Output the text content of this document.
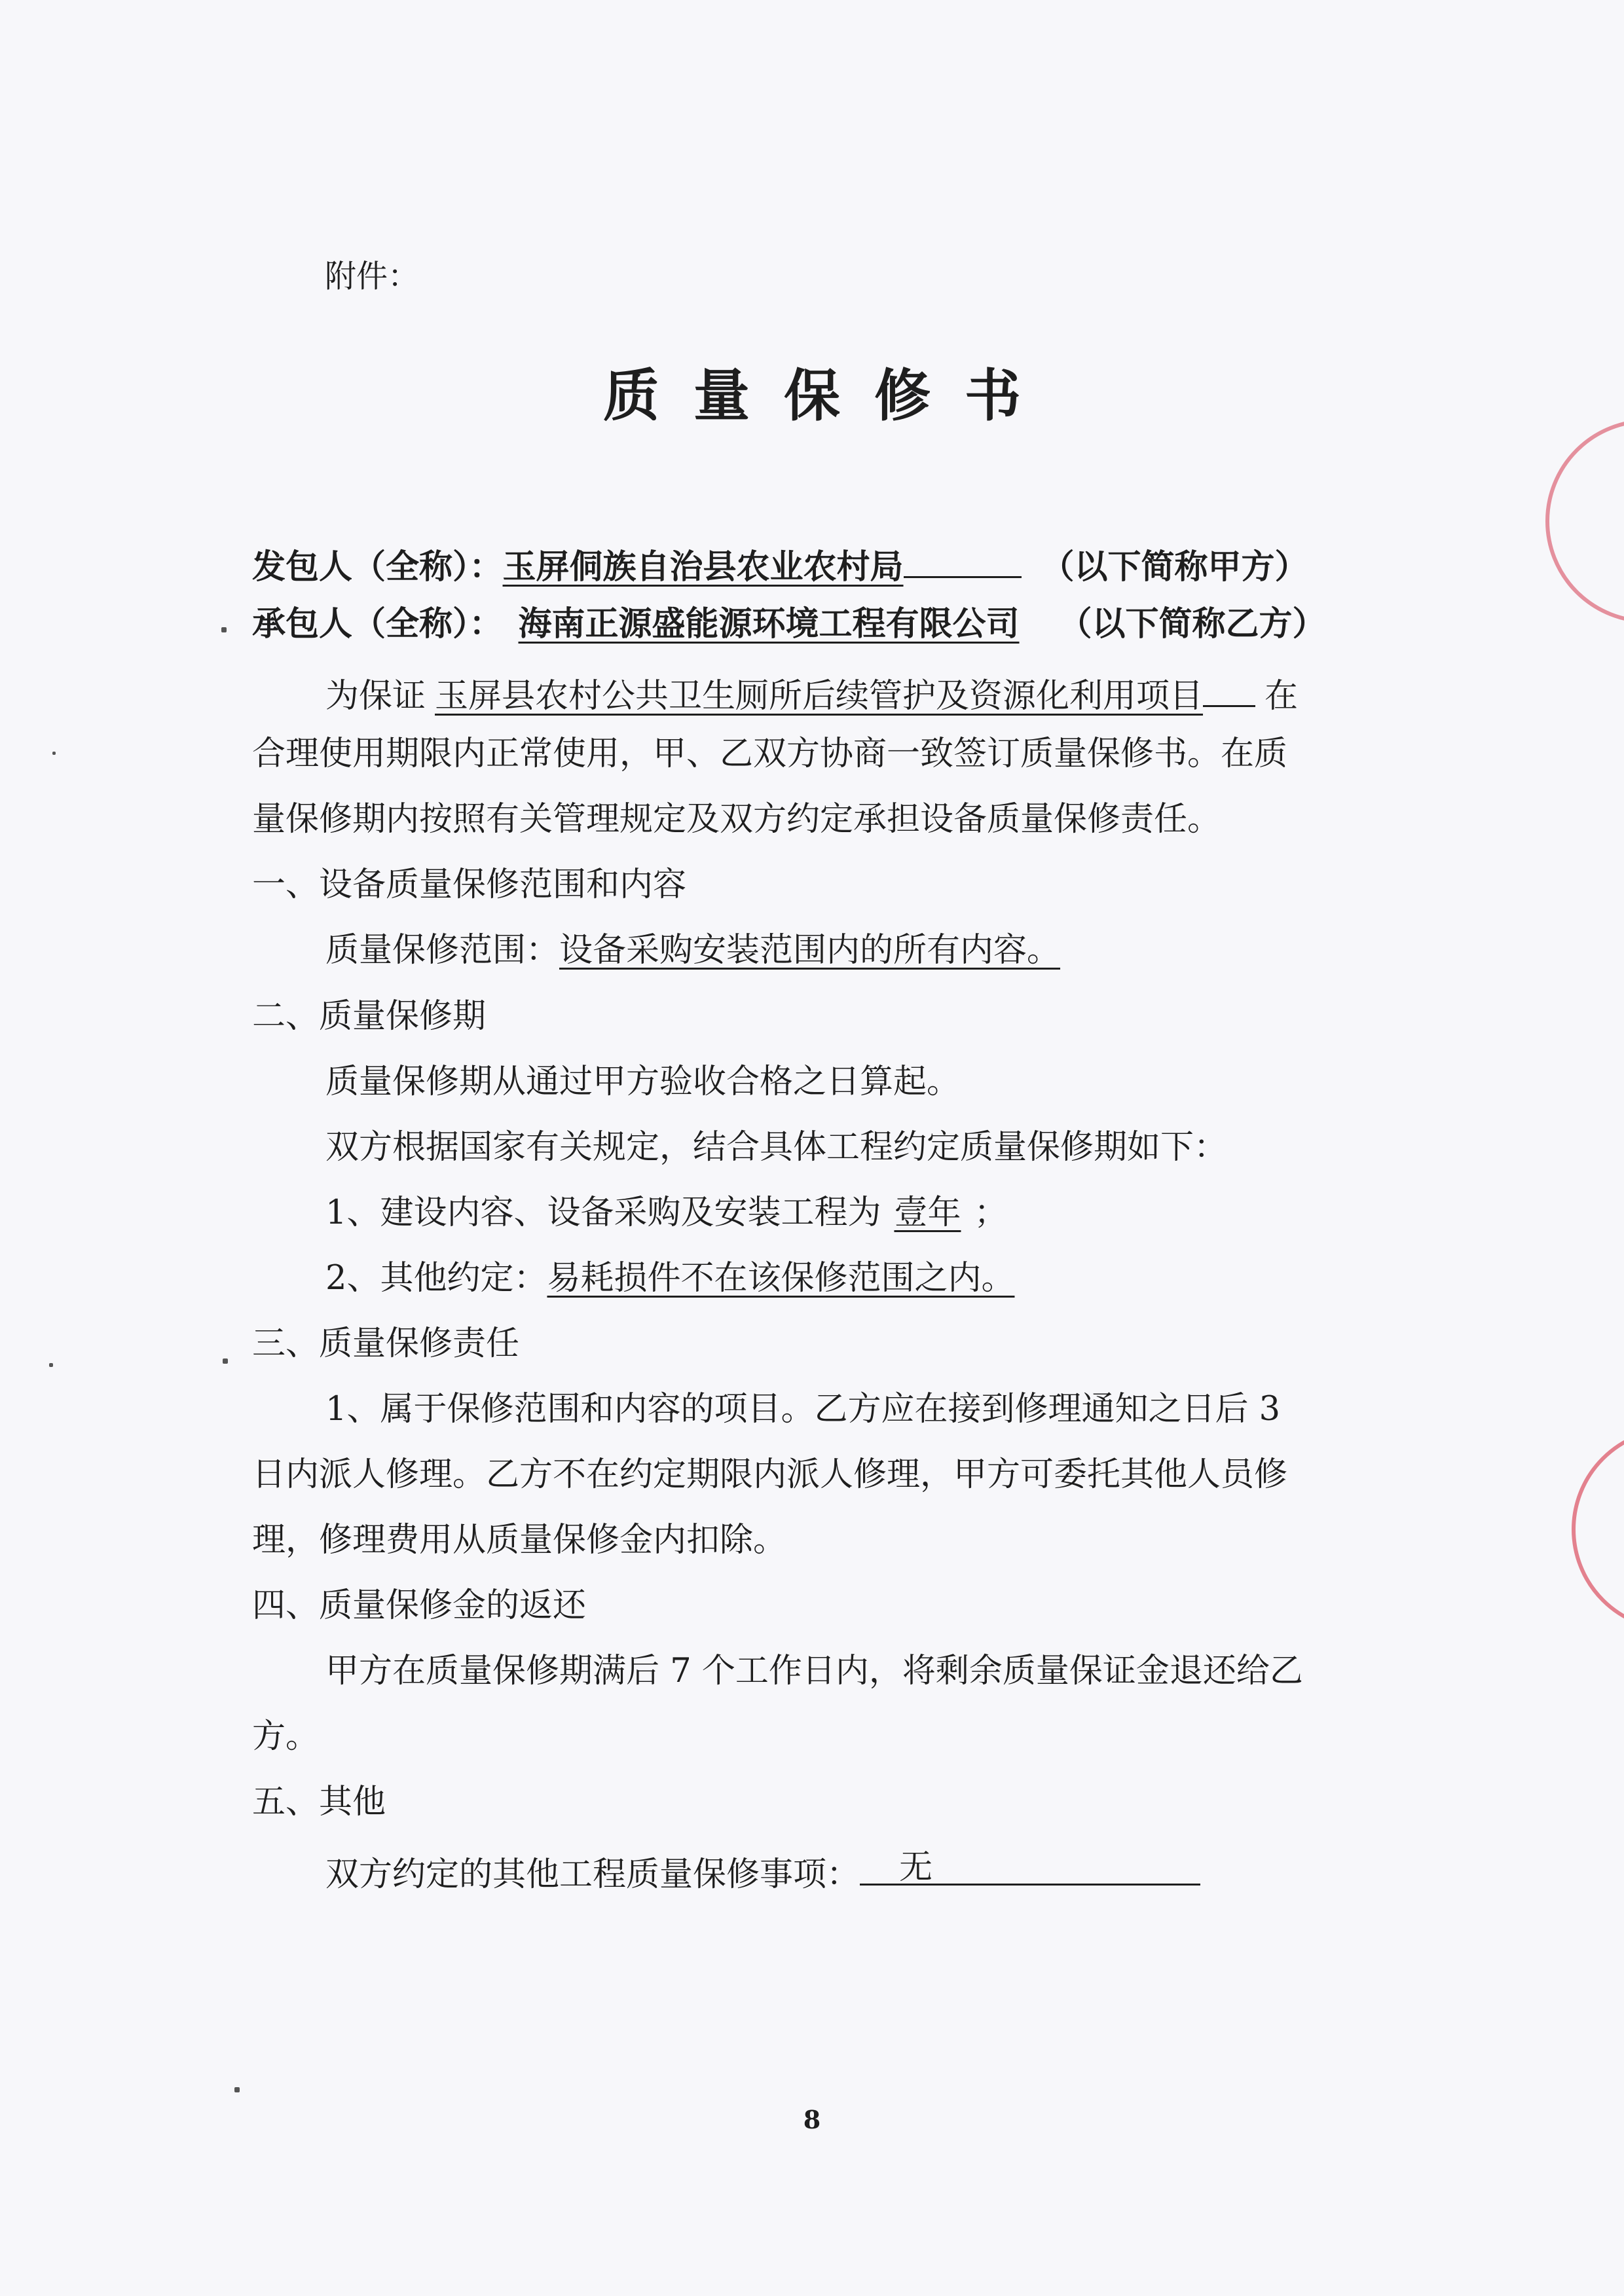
附件：
质量保修书
发包人（全称）：玉屏侗族自治县农业农村局	（以下简称甲方）
承包人（全称）： 海南正源盛能源环境工程有限公司 （以下简称乙方）
为保证 玉屏县农村公共卫生厕所后续管护及资源化利用项目 在
合理使用期限内正常使用，甲、乙双方协商一致签订质量保修书。在质
量保修期内按照有关管理规定及双方约定承担设备质量保修责任。
一、设备质量保修范围和内容
质量保修范围：设备采购安装范围内的所有内容。
二、质量保修期
质量保修期从通过甲方验收合格之日算起。
双方根据国家有关规定，结合具体工程约定质量保修期如下：
1、建设内容、设备采购及安装工程为 壹年 ；
2、其他约定：易耗损件不在该保修范围之内。
三、质量保修责任
1、属于保修范围和内容的项目。乙方应在接到修理通知之日后 3
日内派人修理。乙方不在约定期限内派人修理，甲方可委托其他人员修
理，修理费用从质量保修金内扣除。
四、质量保修金的返还
甲方在质量保修期满后 7 个工作日内，将剩余质量保证金退还给乙
方。
五、其他
双方约定的其他工程质量保修事项： 无
8
